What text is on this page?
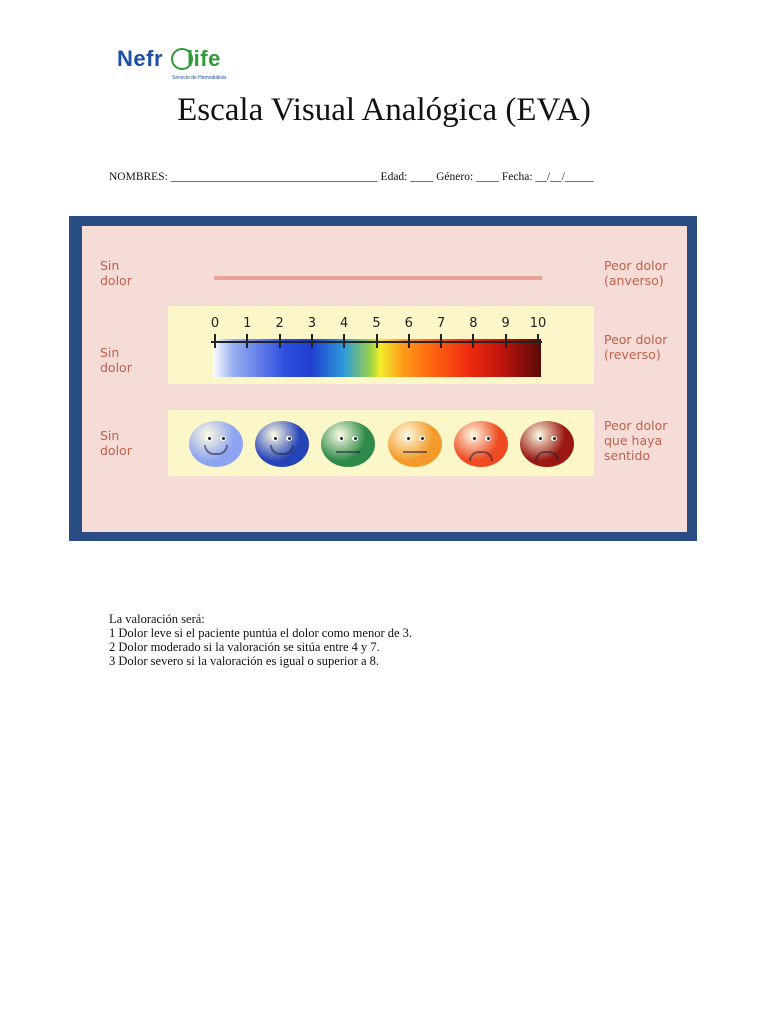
Nefr life
Servicio de Hemodiálisis
Escala Visual Analógica (EVA)
NOMBRES: ____________________________________ Edad: ____ Género: ____ Fecha: __/__/_____
Sin
dolor
Peor dolor
(anverso)
0 1 2 3 4 5 6 7 8 9 10
Sin
dolor
Peor dolor
(reverso)
Sin
dolor
Peor dolor
que haya
sentido
La valoración será:
1 Dolor leve si el paciente puntúa el dolor como menor de 3.
2 Dolor moderado si la valoración se sitúa entre 4 y 7.
3 Dolor severo si la valoración es igual o superior a 8.
